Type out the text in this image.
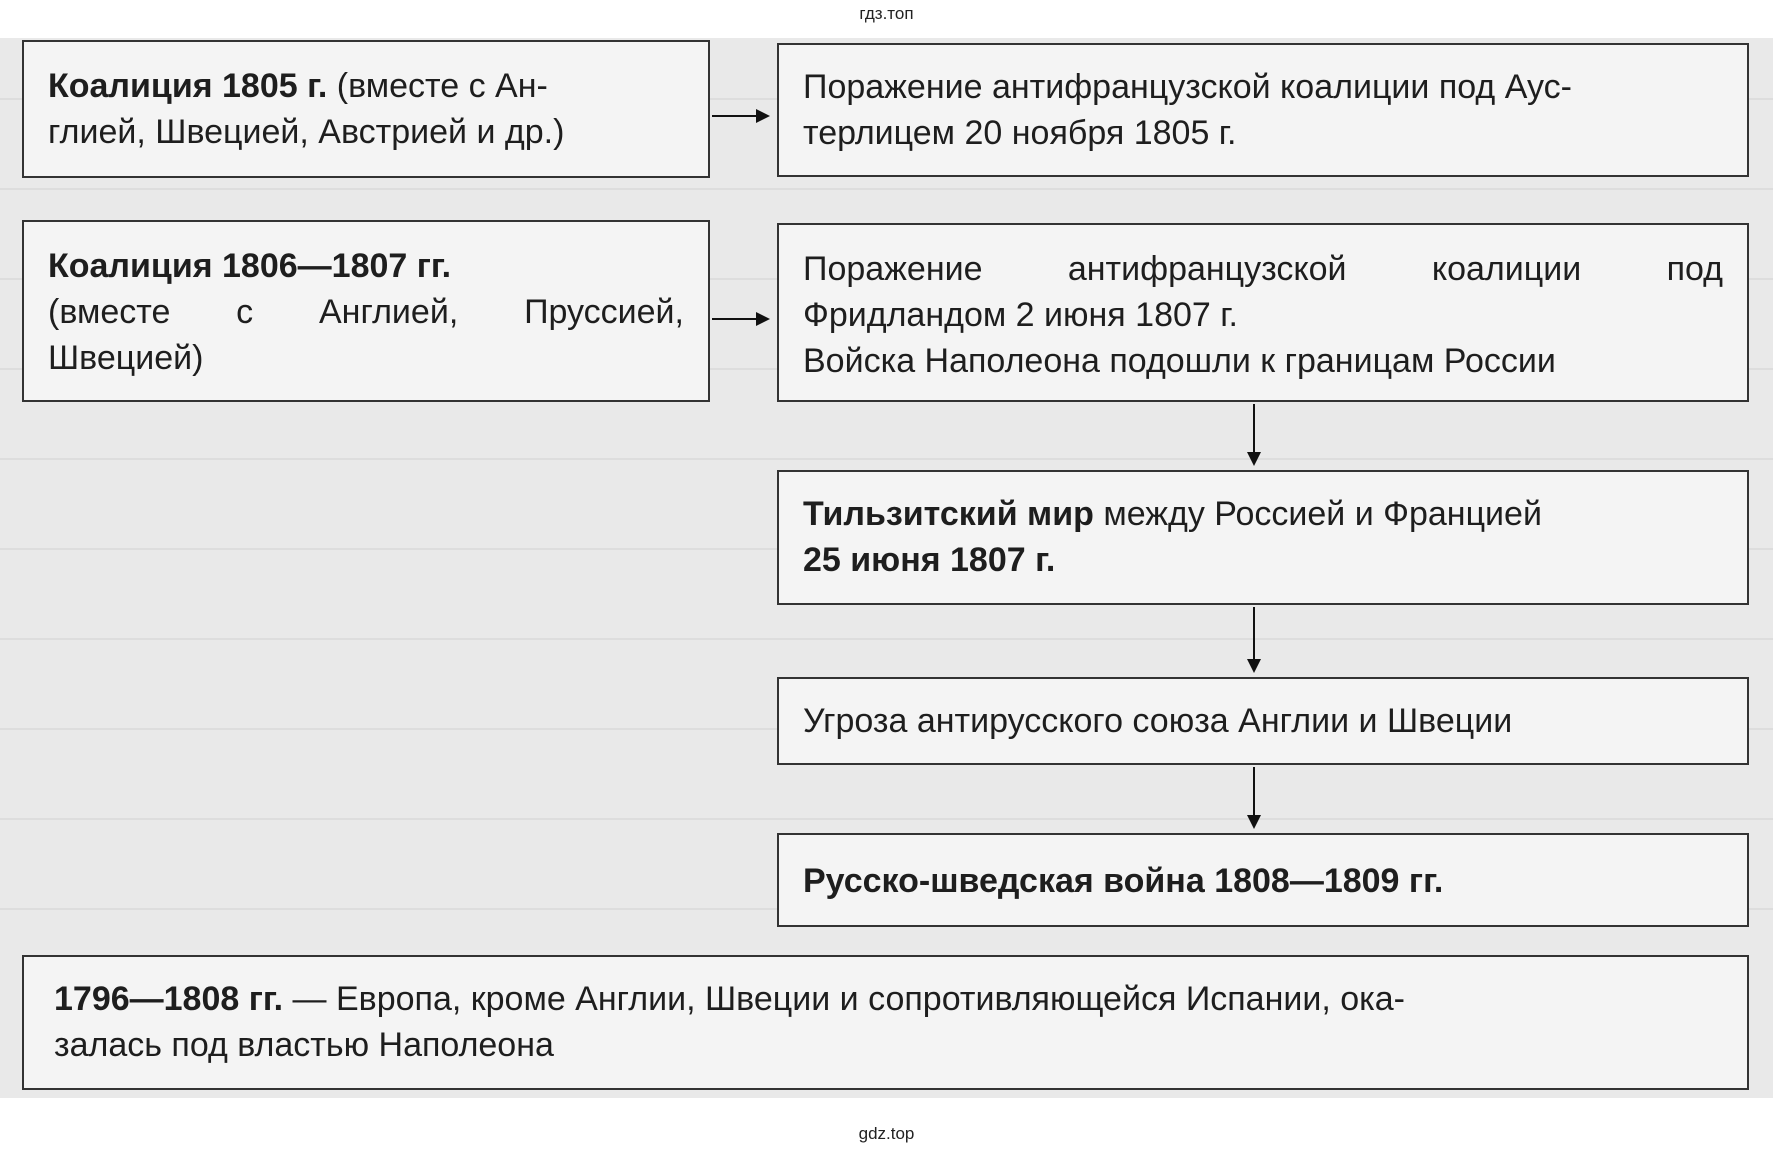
гдз.топ
Коалиция 1805 г. (вместе с Ан-
глией, Швецией, Австрией и др.)
Поражение антифранцузской коалиции под Аус-
терлицем 20 ноября 1805 г.
Коалиция 1806—1807 гг.
(вместе с Англией, Пруссией,
Швецией)
Поражение антифранцузской коалиции под
Фридландом 2 июня 1807 г.
Войска Наполеона подошли к границам России
Тильзитский мир между Россией и Францией
25 июня 1807 г.
Угроза антирусского союза Англии и Швеции
Русско-шведская война 1808—1809 гг.
1796—1808 гг. — Европа, кроме Англии, Швеции и сопротивляющейся Испании, ока-
залась под властью Наполеона
gdz.top
